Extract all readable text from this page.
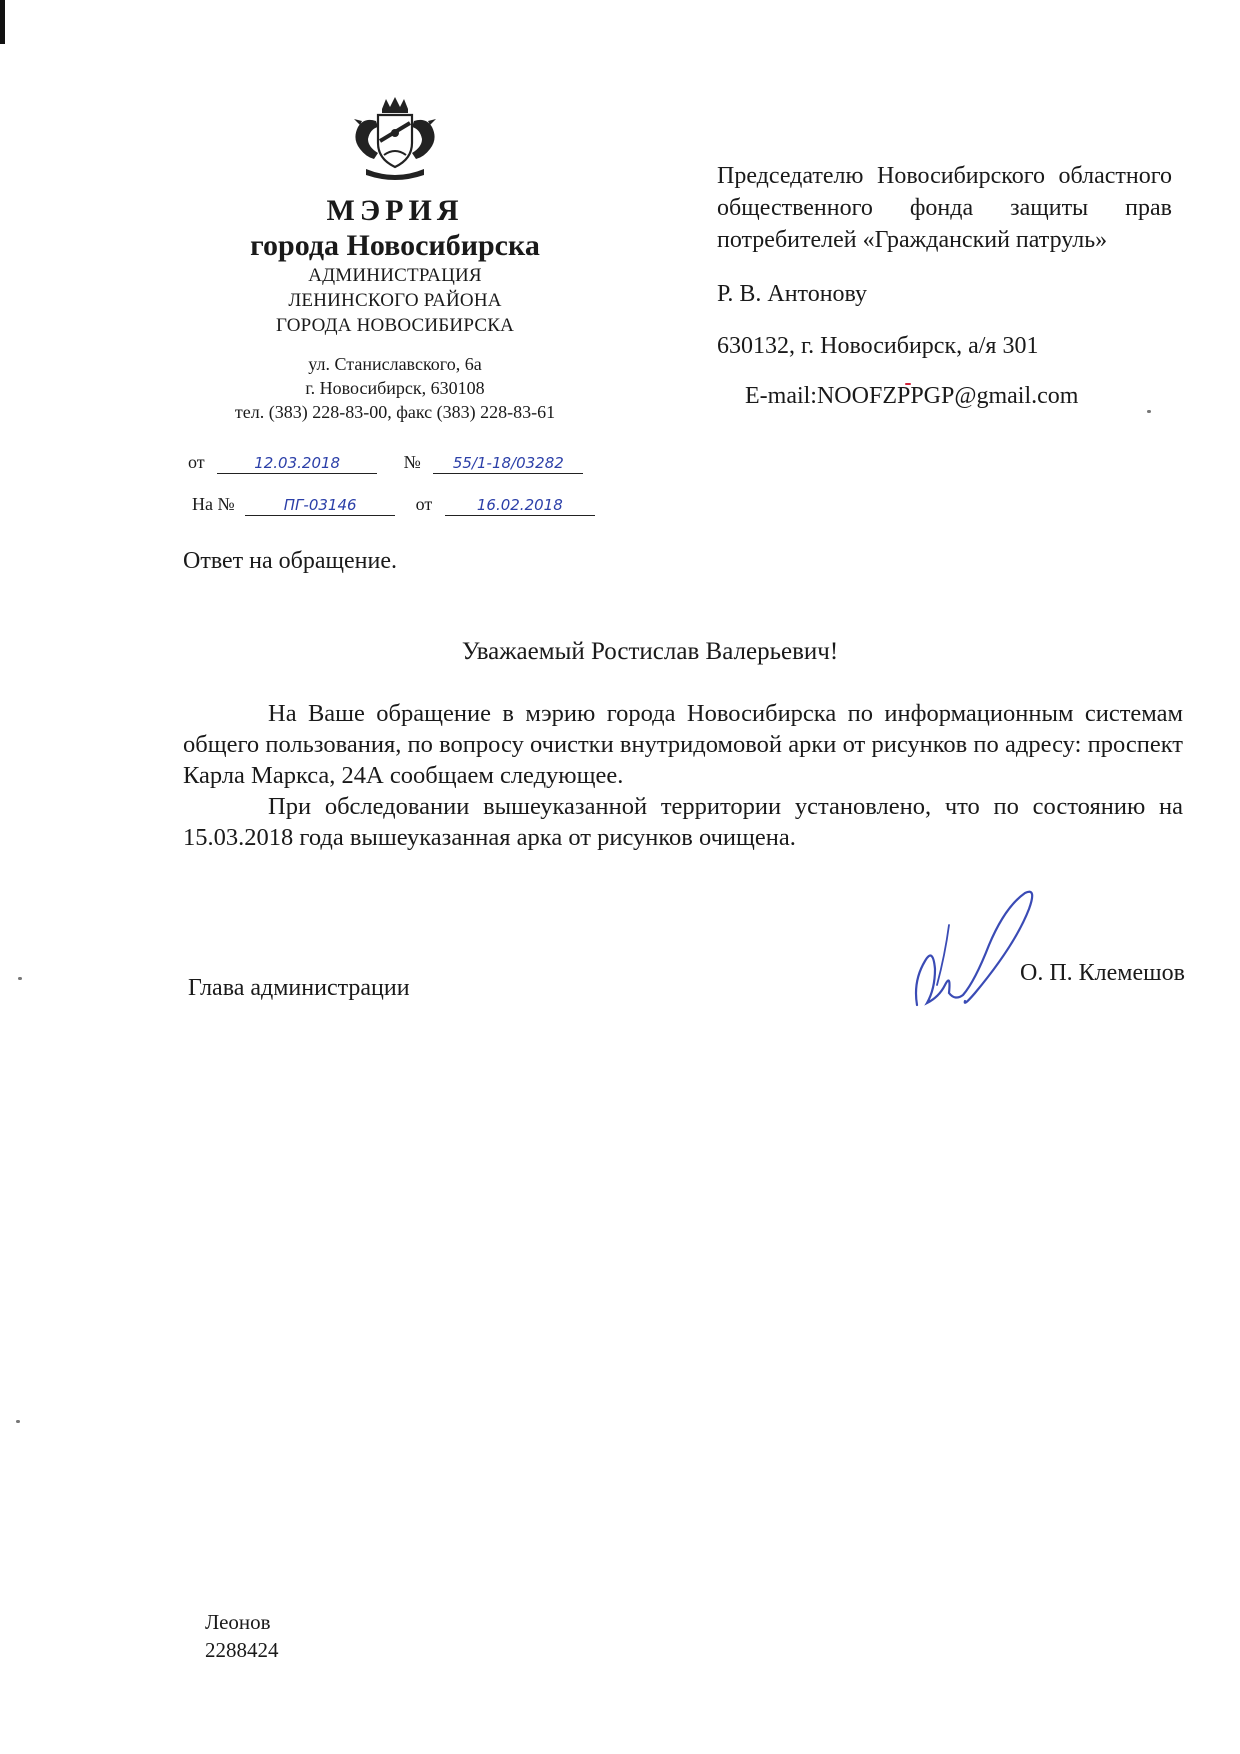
МЭРИЯ
города Новосибирска
АДМИНИСТРАЦИЯ
ЛЕНИНСКОГО РАЙОНА
ГОРОДА НОВОСИБИРСКА
ул. Станиславского, 6а
г. Новосибирск, 630108
тел. (383) 228-83-00, факс (383) 228-83-61
от	12.03.2018	№ 55/1-18/03282
На №	ПГ-03146	от	16.02.2018
Председателю Новосибирского областного общественного фонда защиты прав потребителей «Гражданский патруль»
Р. В. Антонову
630132, г. Новосибирск, а/я 301
E-mail:NOOFZPPGP@gmail.com
Ответ на обращение.
Уважаемый Ростислав Валерьевич!

На Ваше обращение в мэрию города Новосибирска по информационным системам общего пользования, по вопросу очистки внутридомовой арки от рисунков по адресу: проспект Карла Маркса, 24А сообщаем следующее.

При обследовании вышеуказанной территории установлено, что по состоянию на 15.03.2018 года вышеуказанная арка от рисунков очищена.

Глава администрации
О. П. Клемешов
Леонов
2288424
